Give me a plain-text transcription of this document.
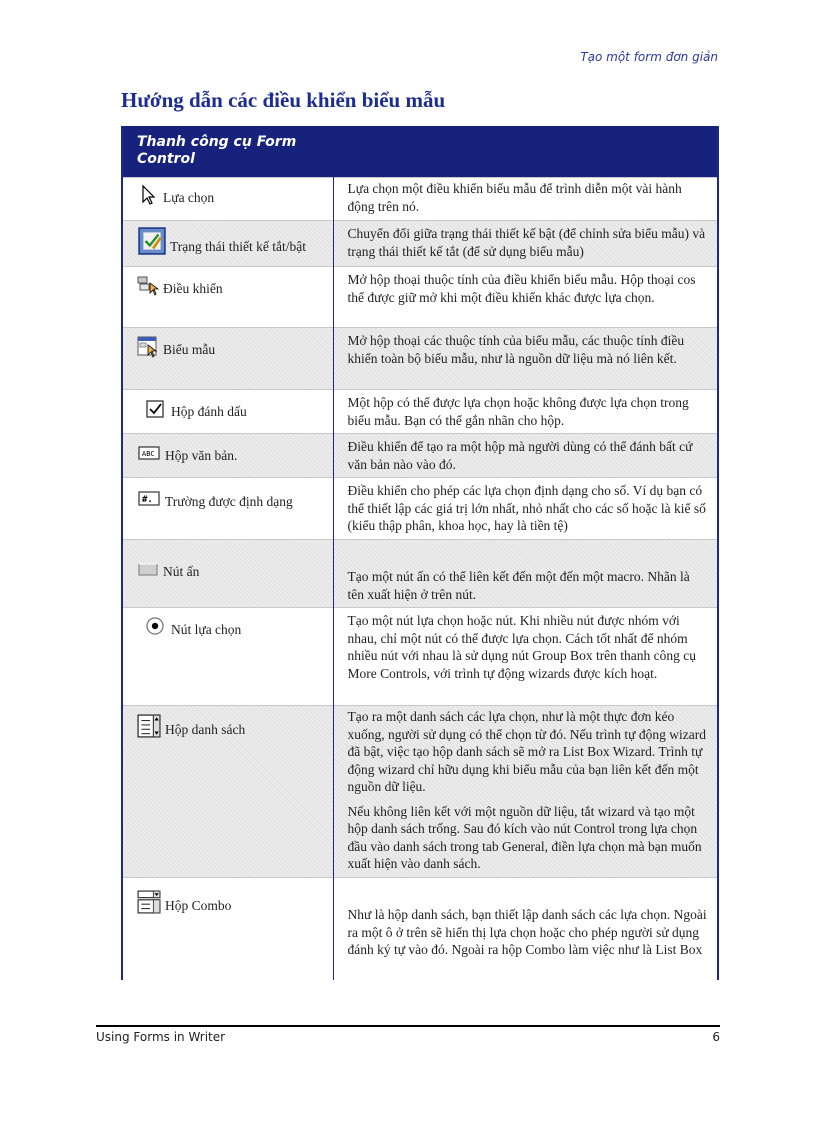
Tạo một form đơn giản
Hướng dẫn các điều khiển biểu mẫu
Thanh công cụ Form Control	

Lựa chọn	Lựa chọn một điều khiển biểu mẫu để trình diễn một vài hành động trên nó.

Trạng thái thiết kế tắt/bật	Chuyển đổi giữa trạng thái thiết kế bật (để chỉnh sửa biểu mẫu) và trạng thái thiết kế tắt (để sử dụng biểu mẫu)

Điều khiển	Mở hộp thoại thuộc tính của điều khiển biểu mẫu. Hộp thoại cos thể được giữ mở khi một điều khiển khác được lựa chọn.

Biểu mẫu	Mở hộp thoại các thuộc tính của biểu mẫu, các thuộc tính điều khiển toàn bộ biểu mẫu, như là nguồn dữ liệu mà nó liên kết.

Hộp đánh dấu	Một hộp có thể được lựa chọn hoặc không được lựa chọn trong biểu mẫu. Bạn có thể gắn nhãn cho hộp.

ABC Hộp văn bản.	Điều khiển để tạo ra một hộp mà người dùng có thể đánh bất cứ văn bản nào vào đó.

#. Trường được định dạng	Điều khiển cho phép các lựa chọn định dạng cho số. Ví dụ bạn có thể thiết lập các giá trị lớn nhất, nhỏ nhất cho các số hoặc là kiể số (kiểu thập phân, khoa học, hay là tiền tệ)

Nút ấn	Tạo một nút ấn có thể liên kết đến một đến một macro. Nhãn là tên xuất hiện ở trên nút.

Nút lựa chọn	Tạo một nút lựa chọn hoặc nút. Khi nhiều nút được nhóm với nhau, chỉ một nút có thể được lựa chọn. Cách tốt nhất để nhóm nhiều nút với nhau là sử dụng nút Group Box trên thanh công cụ More Controls, với trình tự động wizards được kích hoạt.

Hộp danh sách	Tạo ra một danh sách các lựa chọn, như là một thực đơn kéo xuống, người sử dụng có thể chọn từ đó. Nếu trình tự động wizard đã bật, việc tạo hộp danh sách sẽ mở ra List Box Wizard. Trình tự động wizard chỉ hữu dụng khi biểu mẫu của bạn liên kết đến một nguồn dữ liệu.

Nếu không liên kết với một nguồn dữ liệu, tắt wizard và tạo một hộp danh sách trống. Sau đó kích vào nút Control trong lựa chọn đầu vào danh sách trong tab General, điền lựa chọn mà bạn muốn xuất hiện vào danh sách.

Hộp Combo	Như là hộp danh sách, bạn thiết lập danh sách các lựa chọn. Ngoài ra một ô ở trên sẽ hiển thị lựa chọn hoặc cho phép người sử dụng đánh ký tự vào đó. Ngoài ra hộp Combo làm việc như là List Box

Using Forms in Writer	6
